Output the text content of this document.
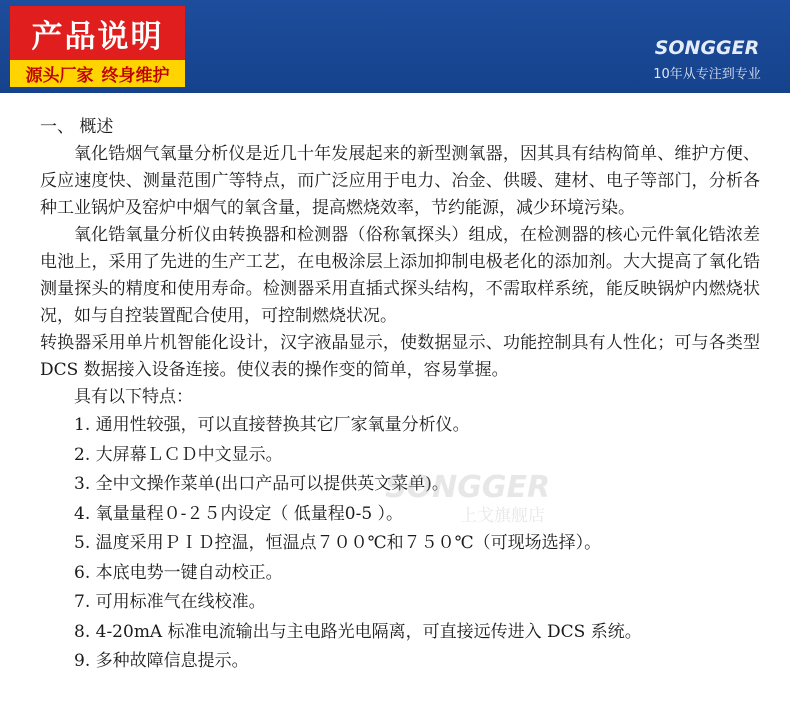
产品说明
源头厂家 终身维护
SONGGER
10年从专注到专业
一、 概述
氧化锆烟气氧量分析仪是近几十年发展起来的新型测氧器，因其具有结构简单、维护方便、反应速度快、测量范围广等特点，而广泛应用于电力、冶金、供暖、建材、电子等部门，分析各种工业锅炉及窑炉中烟气的氧含量，提高燃烧效率，节约能源，减少环境污染。
氧化锆氧量分析仪由转换器和检测器（俗称氧探头）组成，在检测器的核心元件氧化锆浓差电池上，采用了先进的生产工艺，在电极涂层上添加抑制电极老化的添加剂。大大提高了氧化锆测量探头的精度和使用寿命。检测器采用直插式探头结构，不需取样系统，能反映锅炉内燃烧状况，如与自控装置配合使用，可控制燃烧状况。
转换器采用单片机智能化设计，汉字液晶显示，使数据显示、功能控制具有人性化；可与各类型 DCS 数据接入设备连接。使仪表的操作变的简单，容易掌握。
具有以下特点：
1. 通用性较强，可以直接替换其它厂家氧量分析仪。
2. 大屏幕ＬＣＤ中文显示。
3. 全中文操作菜单(出口产品可以提供英文菜单)。
4. 氧量量程０-２５内设定（ 低量程0-5 ）。
5. 温度采用ＰＩＤ控温，恒温点７００℃和７５０℃（可现场选择）。
6. 本底电势一键自动校正。
7. 可用标准气在线校准。
8. 4-20mA 标准电流输出与主电路光电隔离，可直接远传进入 DCS 系统。
9. 多种故障信息提示。
SONGGER
上戈旗舰店
